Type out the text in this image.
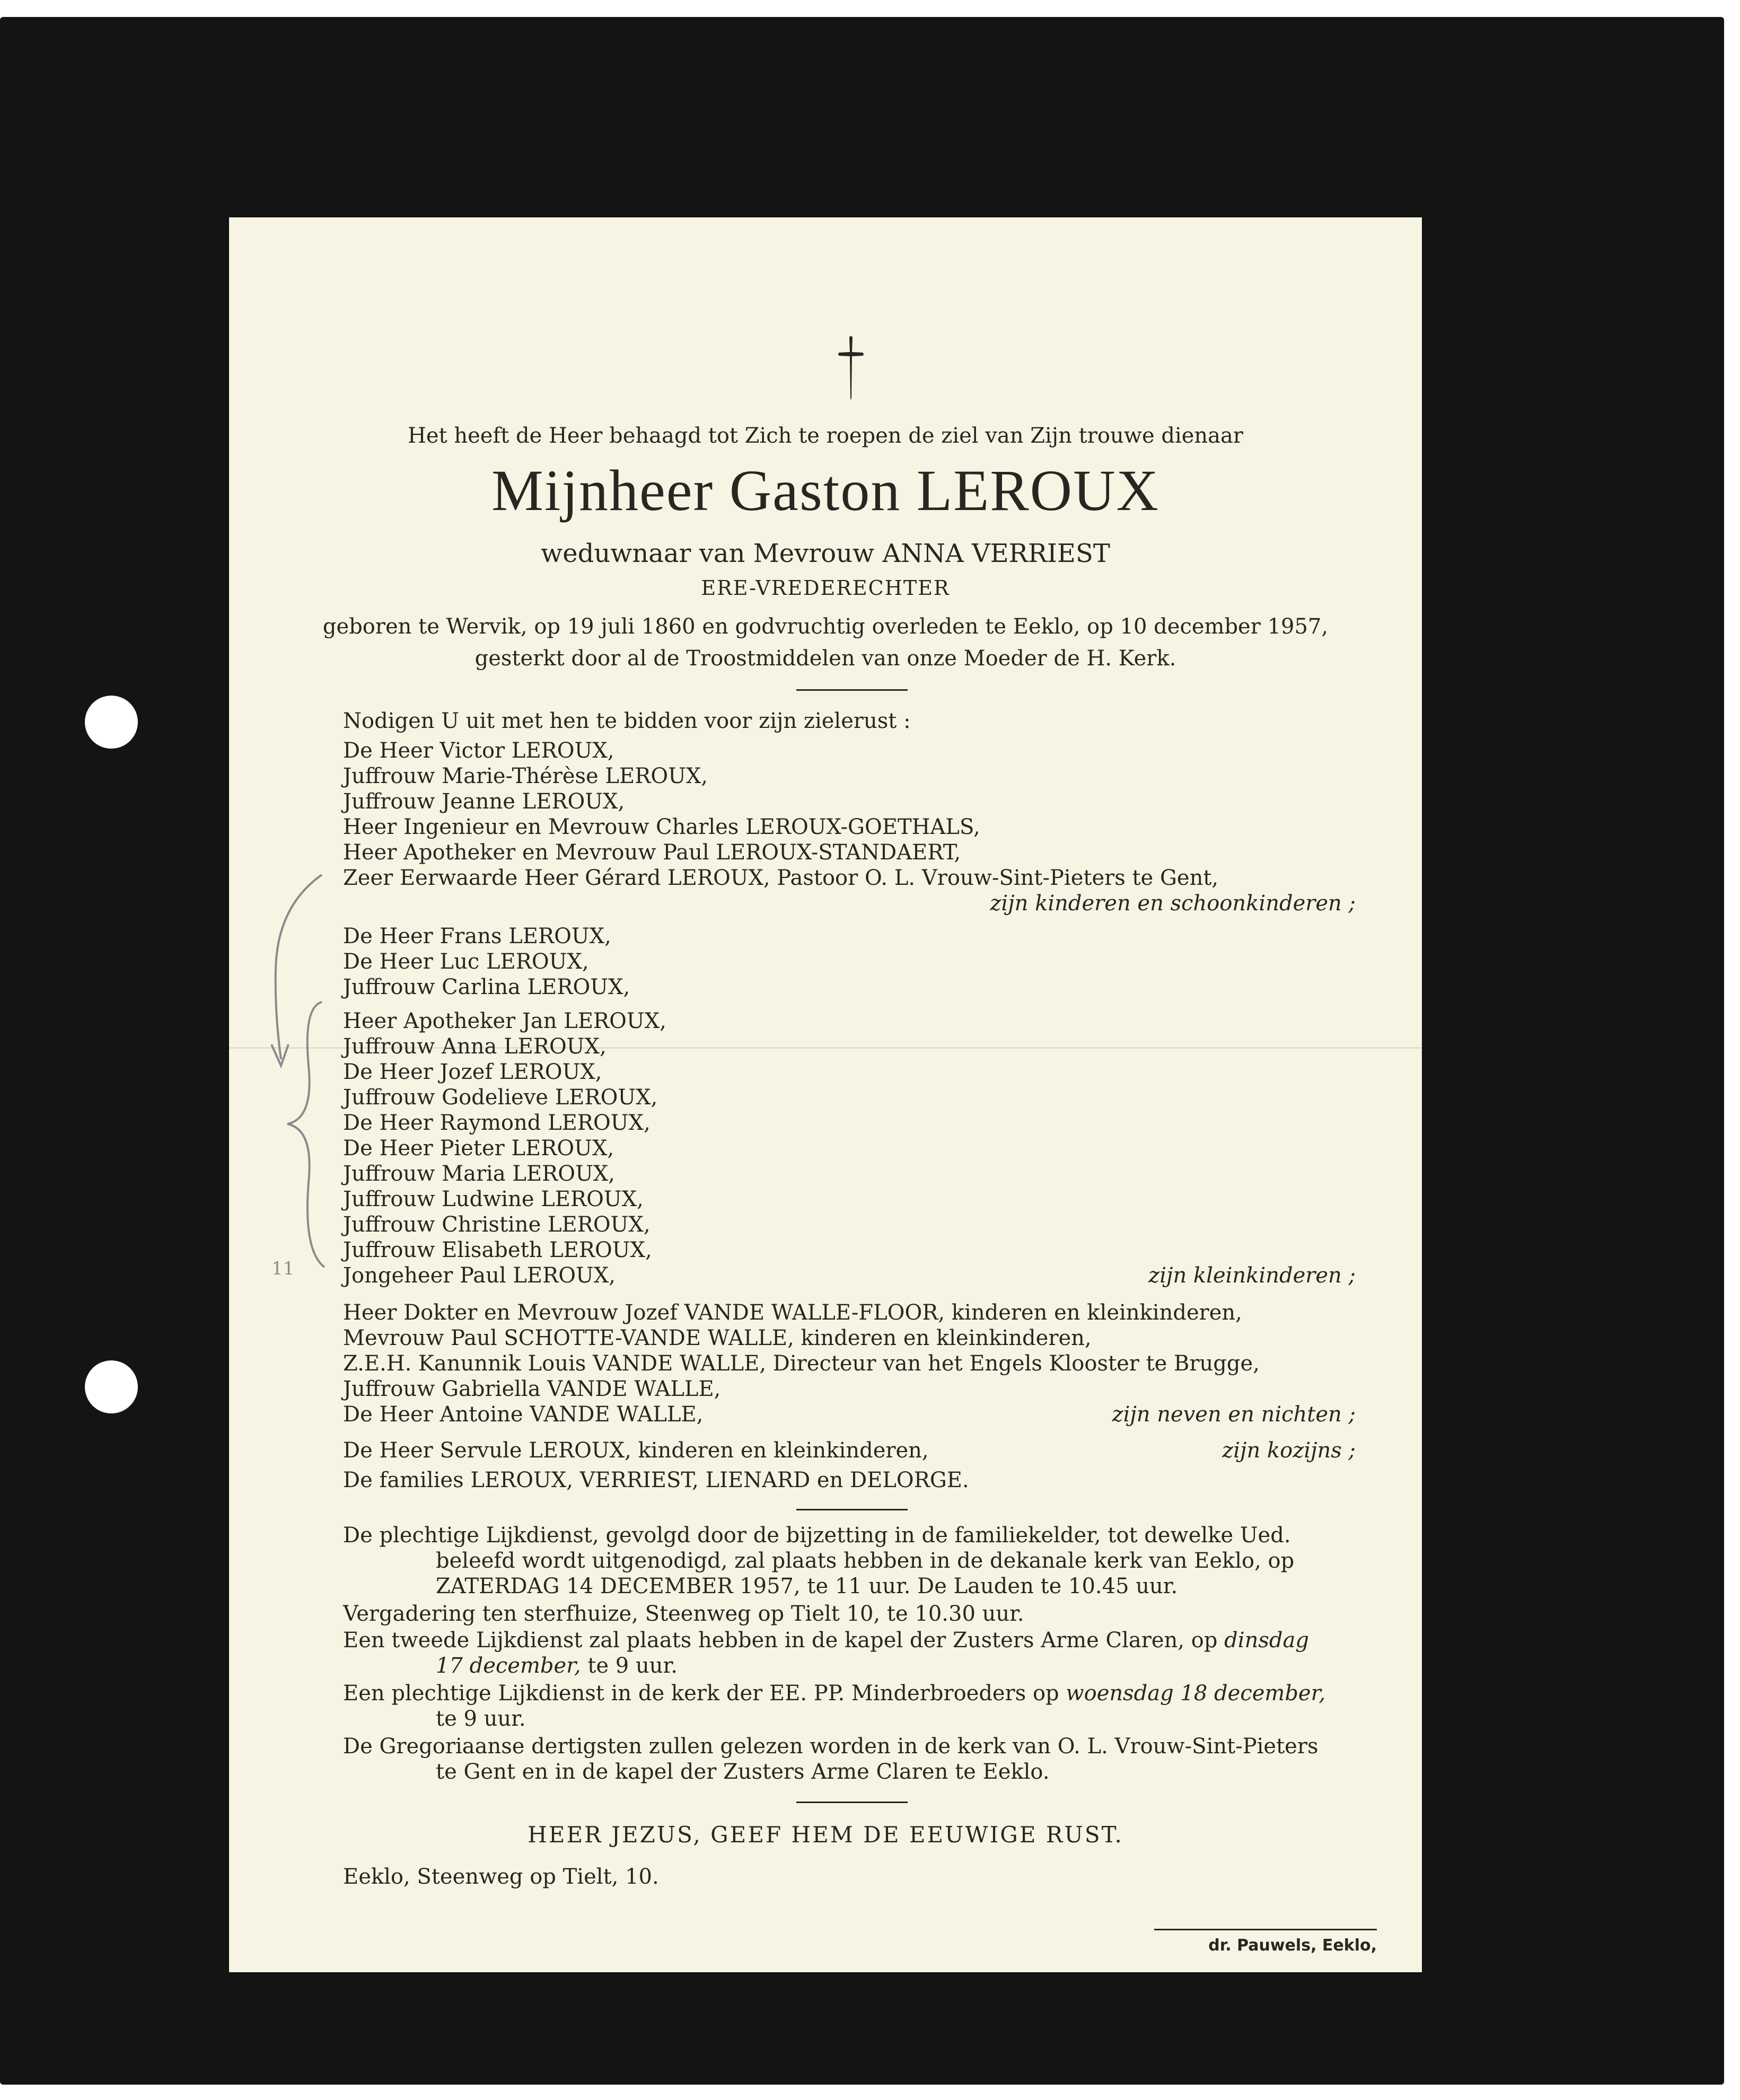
Het heeft de Heer behaagd tot Zich te roepen de ziel van Zijn trouwe dienaar
Mijnheer Gaston LEROUX
weduwnaar van Mevrouw ANNA VERRIEST
ERE-VREDERECHTER
geboren te Wervik, op 19 juli 1860 en godvruchtig overleden te Eeklo, op 10 december 1957,
gesterkt door al de Troostmiddelen van onze Moeder de H. Kerk.
Nodigen U uit met hen te bidden voor zijn zielerust :
De Heer Victor LEROUX,
Juffrouw Marie-Thérèse LEROUX,
Juffrouw Jeanne LEROUX,
Heer Ingenieur en Mevrouw Charles LEROUX-GOETHALS,
Heer Apotheker en Mevrouw Paul LEROUX-STANDAERT,
Zeer Eerwaarde Heer Gérard LEROUX, Pastoor O. L. Vrouw-Sint-Pieters te Gent,
zijn kinderen en schoonkinderen ;
De Heer Frans LEROUX,
De Heer Luc LEROUX,
Juffrouw Carlina LEROUX,
Heer Apotheker Jan LEROUX,
Juffrouw Anna LEROUX,
De Heer Jozef LEROUX,
Juffrouw Godelieve LEROUX,
De Heer Raymond LEROUX,
De Heer Pieter LEROUX,
Juffrouw Maria LEROUX,
Juffrouw Ludwine LEROUX,
Juffrouw Christine LEROUX,
Juffrouw Elisabeth LEROUX,
Jongeheer Paul LEROUX,	zijn kleinkinderen ;
Heer Dokter en Mevrouw Jozef VANDE WALLE-FLOOR, kinderen en kleinkinderen,
Mevrouw Paul SCHOTTE-VANDE WALLE, kinderen en kleinkinderen,
Z.E.H. Kanunnik Louis VANDE WALLE, Directeur van het Engels Klooster te Brugge,
Juffrouw Gabriella VANDE WALLE,
De Heer Antoine VANDE WALLE,	zijn neven en nichten ;
De Heer Servule LEROUX, kinderen en kleinkinderen,	zijn kozijns ;
De families LEROUX, VERRIEST, LIENARD en DELORGE.
De plechtige Lijkdienst, gevolgd door de bijzetting in de familiekelder, tot dewelke Ued.
beleefd wordt uitgenodigd, zal plaats hebben in de dekanale kerk van Eeklo, op
ZATERDAG 14 DECEMBER 1957, te 11 uur. De Lauden te 10.45 uur.
Vergadering ten sterfhuize, Steenweg op Tielt 10, te 10.30 uur.
Een tweede Lijkdienst zal plaats hebben in de kapel der Zusters Arme Claren, op dinsdag
17 december, te 9 uur.
Een plechtige Lijkdienst in de kerk der EE. PP. Minderbroeders op woensdag 18 december,
te 9 uur.
De Gregoriaanse dertigsten zullen gelezen worden in de kerk van O. L. Vrouw-Sint-Pieters
te Gent en in de kapel der Zusters Arme Claren te Eeklo.
HEER JEZUS, GEEF HEM DE EEUWIGE RUST.
Eeklo, Steenweg op Tielt, 10.
dr. Pauwels, Eeklo,
11
